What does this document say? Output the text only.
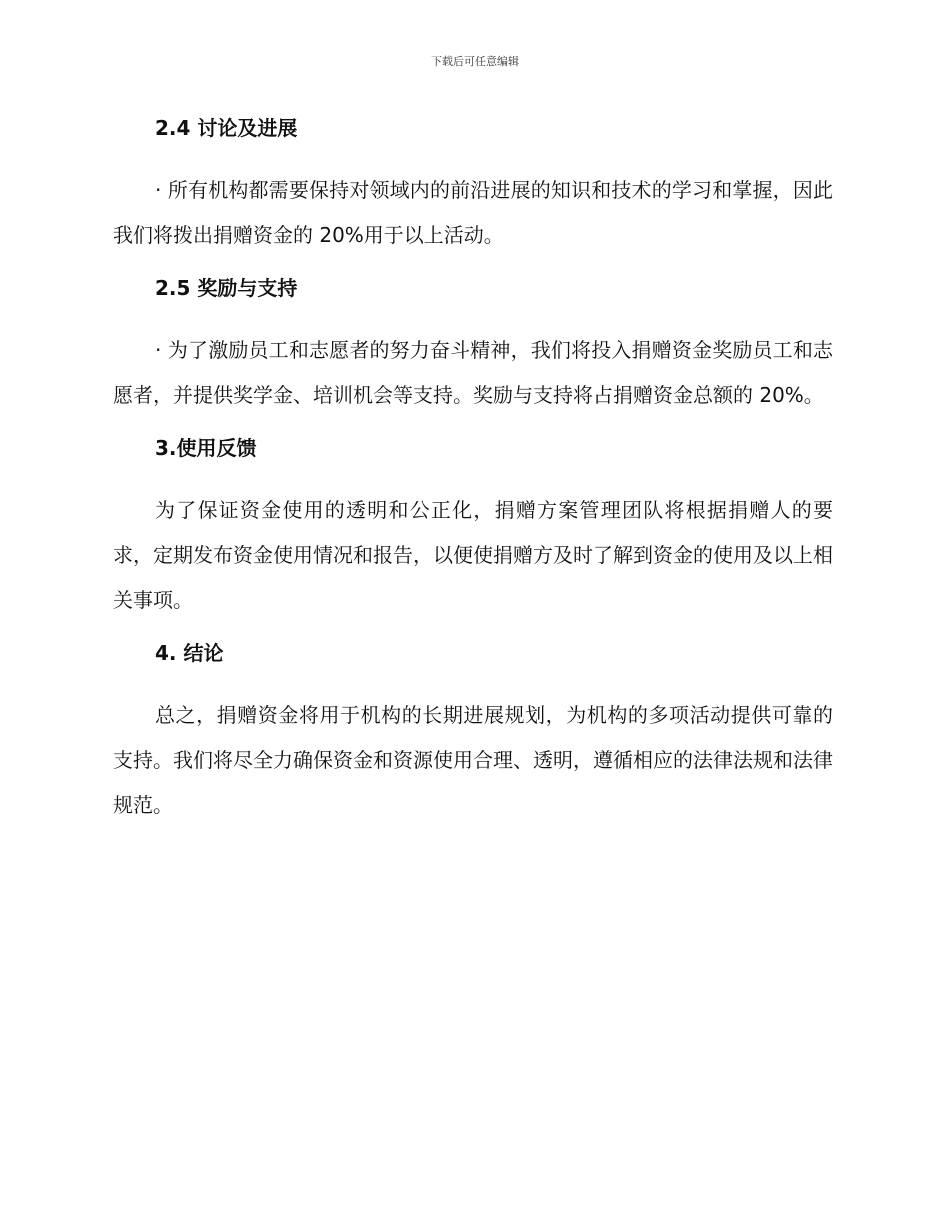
下载后可任意编辑
2.4 讨论及进展
· 所有机构都需要保持对领域内的前沿进展的知识和技术的学习和掌握，因此我们将拨出捐赠资金的 20%用于以上活动。
2.5 奖励与支持
· 为了激励员工和志愿者的努力奋斗精神，我们将投入捐赠资金奖励员工和志愿者，并提供奖学金、培训机会等支持。奖励与支持将占捐赠资金总额的 20%。
3.使用反馈
为了保证资金使用的透明和公正化，捐赠方案管理团队将根据捐赠人的要求，定期发布资金使用情况和报告，以便使捐赠方及时了解到资金的使用及以上相关事项。
4. 结论
总之，捐赠资金将用于机构的长期进展规划，为机构的多项活动提供可靠的支持。我们将尽全力确保资金和资源使用合理、透明，遵循相应的法律法规和法律规范。
